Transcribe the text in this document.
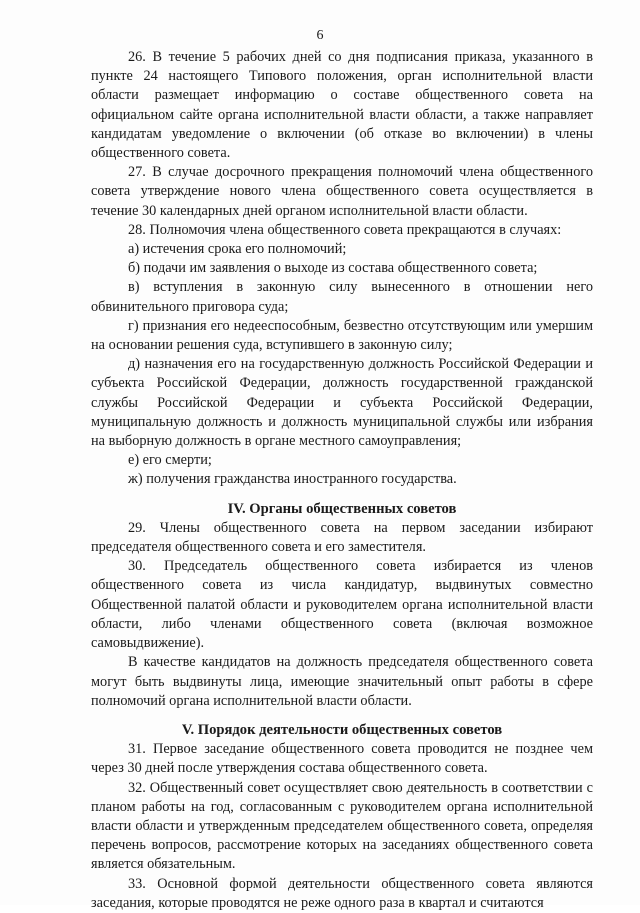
6

26. В течение 5 рабочих дней со дня подписания приказа, указанного в пункте 24 настоящего Типового положения, орган исполнительной власти области размещает информацию о составе общественного совета на официальном сайте органа исполнительной власти области, а также направляет кандидатам уведомление о включении (об отказе во включении) в члены общественного совета.

27. В случае досрочного прекращения полномочий члена общественного совета утверждение нового члена общественного совета осуществляется в течение 30 календарных дней органом исполнительной власти области.

28. Полномочия члена общественного совета прекращаются в случаях:

а) истечения срока его полномочий;

б) подачи им заявления о выходе из состава общественного совета;

в) вступления в законную силу вынесенного в отношении него обвинительного приговора суда;

г) признания его недееспособным, безвестно отсутствующим или умершим на основании решения суда, вступившего в законную силу;

д) назначения его на государственную должность Российской Федерации и субъекта Российской Федерации, должность государственной гражданской службы Российской Федерации и субъекта Российской Федерации, муниципальную должность и должность муниципальной службы или избрания на выборную должность в органе местного самоуправления;

е) его смерти;

ж) получения гражданства иностранного государства.

IV. Органы общественных советов

29. Члены общественного совета на первом заседании избирают председателя общественного совета и его заместителя.

30. Председатель общественного совета избирается из членов общественного совета из числа кандидатур, выдвинутых совместно Общественной палатой области и руководителем органа исполнительной власти области, либо членами общественного совета (включая возможное самовыдвижение).

В качестве кандидатов на должность председателя общественного совета могут быть выдвинуты лица, имеющие значительный опыт работы в сфере полномочий органа исполнительной власти области.

V. Порядок деятельности общественных советов

31. Первое заседание общественного совета проводится не позднее чем через 30 дней после утверждения состава общественного совета.

32. Общественный совет осуществляет свою деятельность в соответствии с планом работы на год, согласованным с руководителем органа исполнительной власти области и утвержденным председателем общественного совета, определяя перечень вопросов, рассмотрение которых на заседаниях общественного совета является обязательным.

33. Основной формой деятельности общественного совета являются заседания, которые проводятся не реже одного раза в квартал и считаются
